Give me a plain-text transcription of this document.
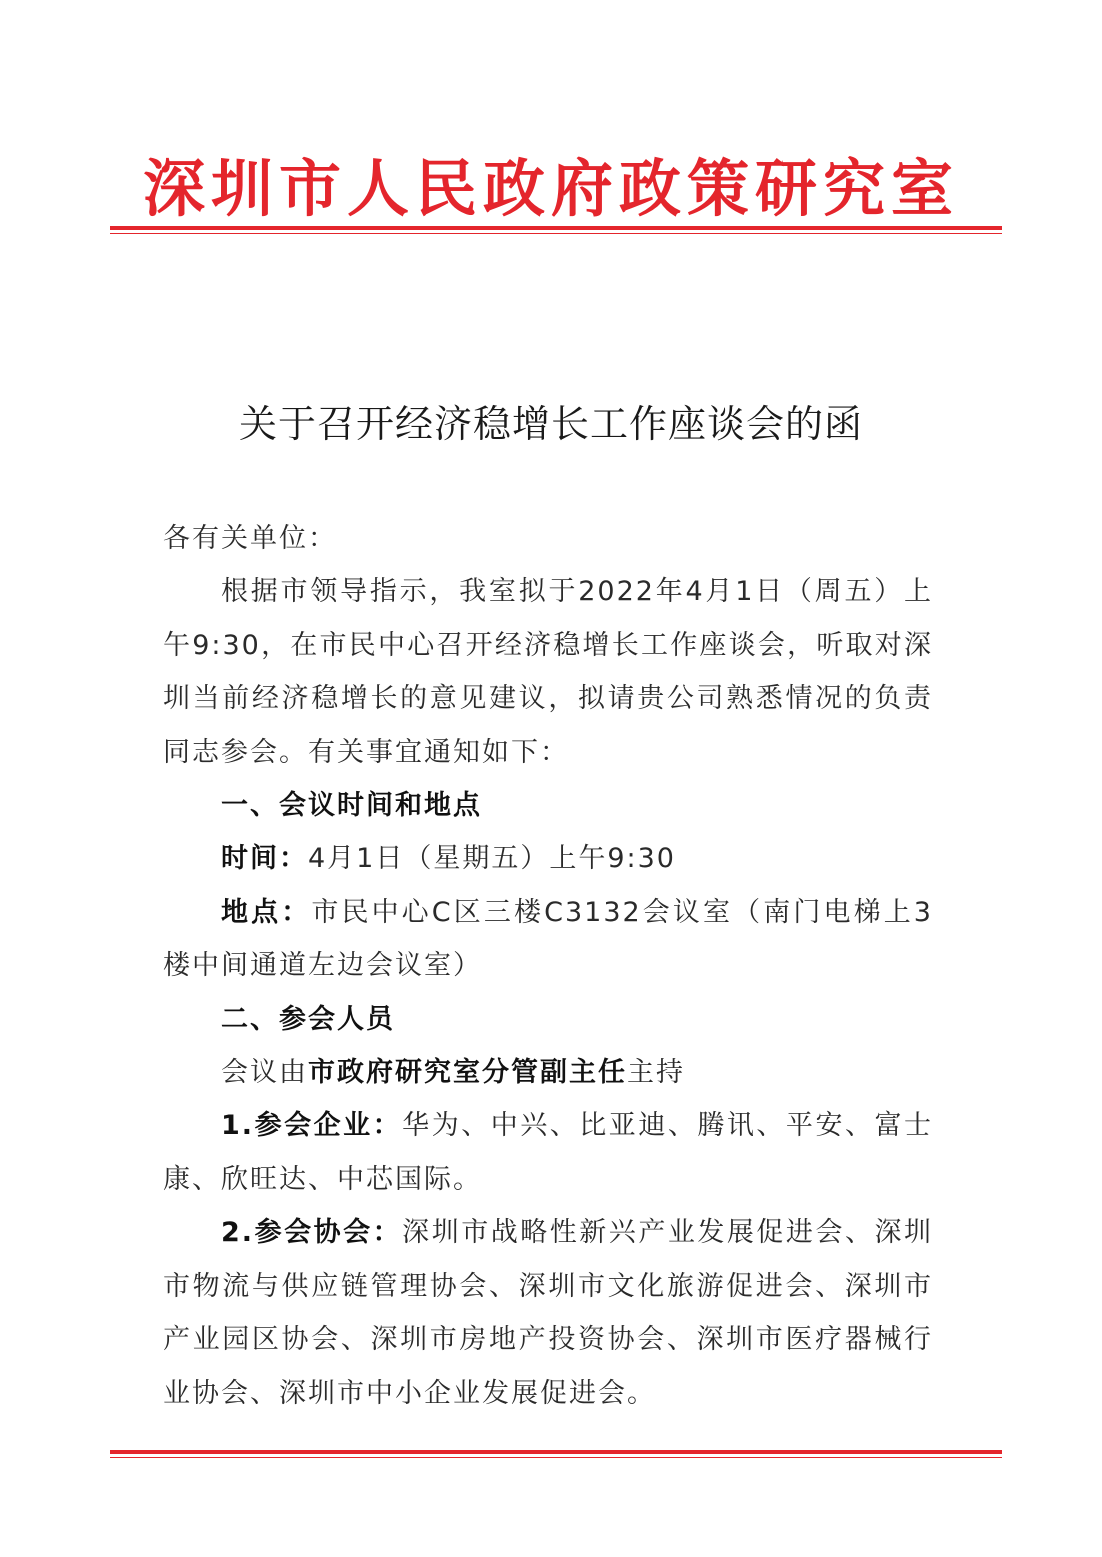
深圳市人民政府政策研究室
关于召开经济稳增长工作座谈会的函

各有关单位：

根据市领导指示，我室拟于2022年4月1日（周五）上午9:30，在市民中心召开经济稳增长工作座谈会，听取对深圳当前经济稳增长的意见建议，拟请贵公司熟悉情况的负责同志参会。有关事宜通知如下：

一、会议时间和地点

时间：4月1日（星期五）上午9:30

地点：市民中心C区三楼C3132会议室（南门电梯上3楼中间通道左边会议室）

二、参会人员

会议由市政府研究室分管副主任主持

1.参会企业：华为、中兴、比亚迪、腾讯、平安、富士康、欣旺达、中芯国际。

2.参会协会：深圳市战略性新兴产业发展促进会、深圳市物流与供应链管理协会、深圳市文化旅游促进会、深圳市产业园区协会、深圳市房地产投资协会、深圳市医疗器械行业协会、深圳市中小企业发展促进会。
